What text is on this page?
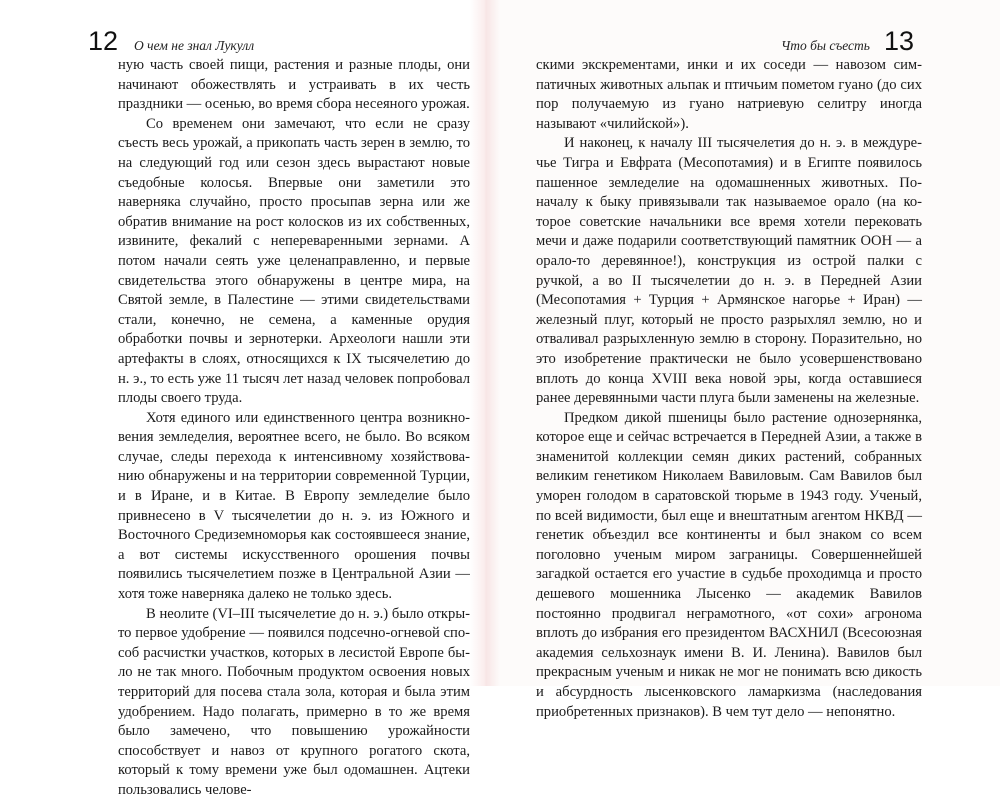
12 О чем не знал Лукулл

ную часть своей пищи, растения и разные плоды, они начинают обожествлять и устраивать в их честь праздники — осенью, во время сбора несеяного урожая.

Со временем они замечают, что если не сразу съесть весь урожай, а прикопать часть зерен в землю, то на следующий год или сезон здесь вырастают новые съедобные колосья. Впервые они заметили это наверняка случайно, просто просыпав зерна или же обратив внимание на рост колосков из их собственных, извините, фекалий с непереваренными зернами. А потом начали сеять уже целенаправленно, и первые свидетельства этого обнаружены в центре мира, на Святой земле, в Палестине — этими свидетельствами стали, конечно, не семена, а каменные орудия обработки почвы и зернотерки. Археологи нашли эти артефакты в слоях, относящихся к IX тысячелетию до н. э., то есть уже 11 тысяч лет назад человек попробовал плоды своего труда.

Хотя единого или единственного центра возникновения земледелия, вероятнее всего, не было. Во всяком случае, следы перехода к интенсивному хозяйствованию обнаружены и на территории современной Турции, и в Иране, и в Китае. В Европу земледелие было привнесено в V тысячелетии до н. э. из Южного и Восточного Средиземноморья как состоявшееся знание, а вот системы искусственного орошения почвы появились тысячелетием позже в Центральной Азии — хотя тоже наверняка далеко не только здесь.

В неолите (VI–III тысячелетие до н. э.) было открыто первое удобрение — появился подсечно-огневой способ расчистки участков, которых в лесистой Европе было не так много. Побочным продуктом освоения новых территорий для посева стала зола, которая и была этим удобрением. Надо полагать, примерно в то же время было замечено, что повышению урожайности способствует и навоз от крупного рогатого скота, который к тому времени уже был одомашнен. Ацтеки пользовались челове-

Что бы съесть 13

скими экскрементами, инки и их соседи — навозом симпатичных животных альпак и птичьим пометом гуано (до сих пор получаемую из гуано натриевую селитру иногда называют «чилийской»).

И наконец, к началу III тысячелетия до н. э. в междуречье Тигра и Евфрата (Месопотамия) и в Египте появилось пашенное земледелие на одомашненных животных. Поначалу к быку привязывали так называемое орало (на которое советские начальники все время хотели перековать мечи и даже подарили соответствующий памятник ООН — а орало-то деревянное!), конструкция из острой палки с ручкой, а во II тысячелетии до н. э. в Передней Азии (Месопотамия + Турция + Армянское нагорье + Иран) — железный плуг, который не просто разрыхлял землю, но и отваливал разрыхленную землю в сторону. Поразительно, но это изобретение практически не было усовершенствовано вплоть до конца XVIII века новой эры, когда оставшиеся ранее деревянными части плуга были заменены на железные.

Предком дикой пшеницы было растение однозернянка, которое еще и сейчас встречается в Передней Азии, а также в знаменитой коллекции семян диких растений, собранных великим генетиком Николаем Вавиловым. Сам Вавилов был уморен голодом в саратовской тюрьме в 1943 году. Ученый, по всей видимости, был еще и внештатным агентом НКВД — генетик объездил все континенты и был знаком со всем поголовно ученым миром заграницы. Совершеннейшей загадкой остается его участие в судьбе проходимца и просто дешевого мошенника Лысенко — академик Вавилов постоянно продвигал неграмотного, «от сохи» агронома вплоть до избрания его президентом ВАСХНИЛ (Всесоюзная академия сельхознаук имени В. И. Ленина). Вавилов был прекрасным ученым и никак не мог не понимать всю дикость и абсурдность лысенковского ламаркизма (наследования приобретенных признаков). В чем тут дело — непонятно.
